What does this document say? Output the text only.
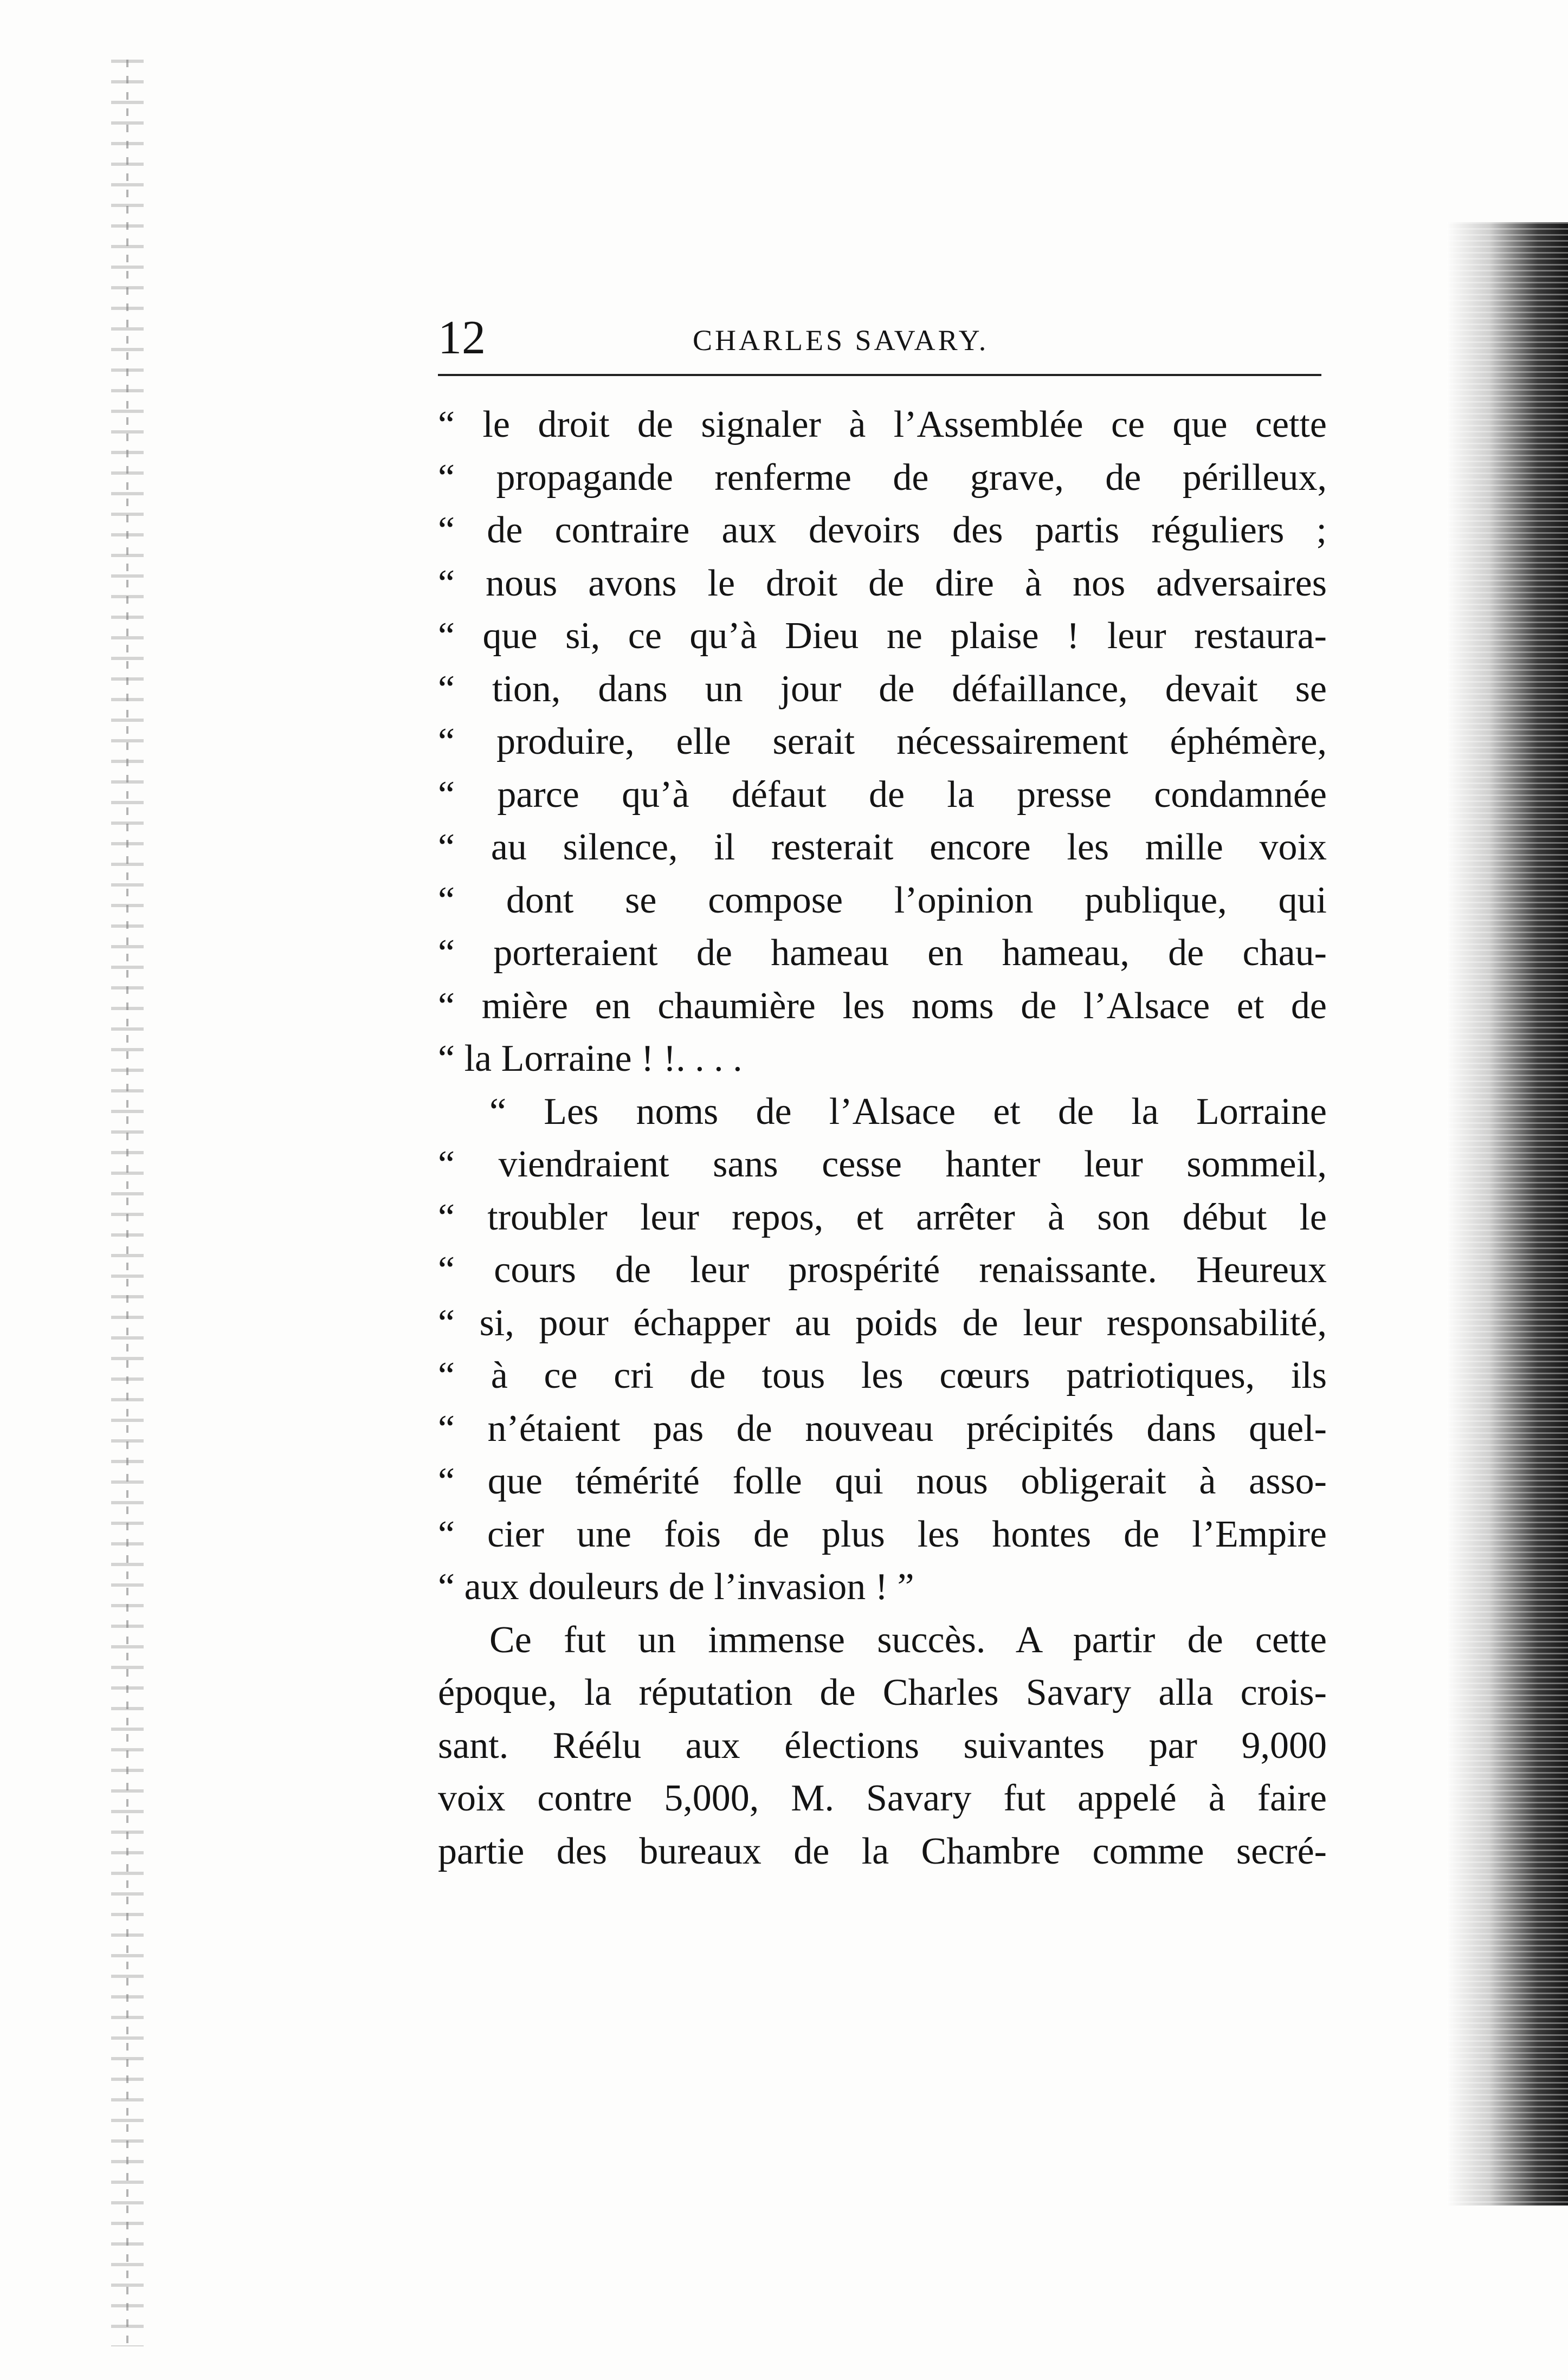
12	CHARLES SAVARY.
“ le droit de signaler à l’Assemblée ce que cette
“ propagande renferme de grave, de périlleux,
“ de contraire aux devoirs des partis réguliers ;
“ nous avons le droit de dire à nos adversaires
“ que si, ce qu’à Dieu ne plaise ! leur restaura-
“ tion, dans un jour de défaillance, devait se
“ produire, elle serait nécessairement éphémère,
“ parce qu’à défaut de la presse condamnée
“ au silence, il resterait encore les mille voix
“ dont se compose l’opinion publique, qui
“ porteraient de hameau en hameau, de chau-
“ mière en chaumière les noms de l’Alsace et de
“ la Lorraine ! !. . . .
“ Les noms de l’Alsace et de la Lorraine
“ viendraient sans cesse hanter leur sommeil,
“ troubler leur repos, et arrêter à son début le
“ cours de leur prospérité renaissante. Heureux
“ si, pour échapper au poids de leur responsabilité,
“ à ce cri de tous les cœurs patriotiques, ils
“ n’étaient pas de nouveau précipités dans quel-
“ que témérité folle qui nous obligerait à asso-
“ cier une fois de plus les hontes de l’Empire
“ aux douleurs de l’invasion ! ”
Ce fut un immense succès. A partir de cette
époque, la réputation de Charles Savary alla crois-
sant. Réélu aux élections suivantes par 9,000
voix contre 5,000, M. Savary fut appelé à faire
partie des bureaux de la Chambre comme secré-
